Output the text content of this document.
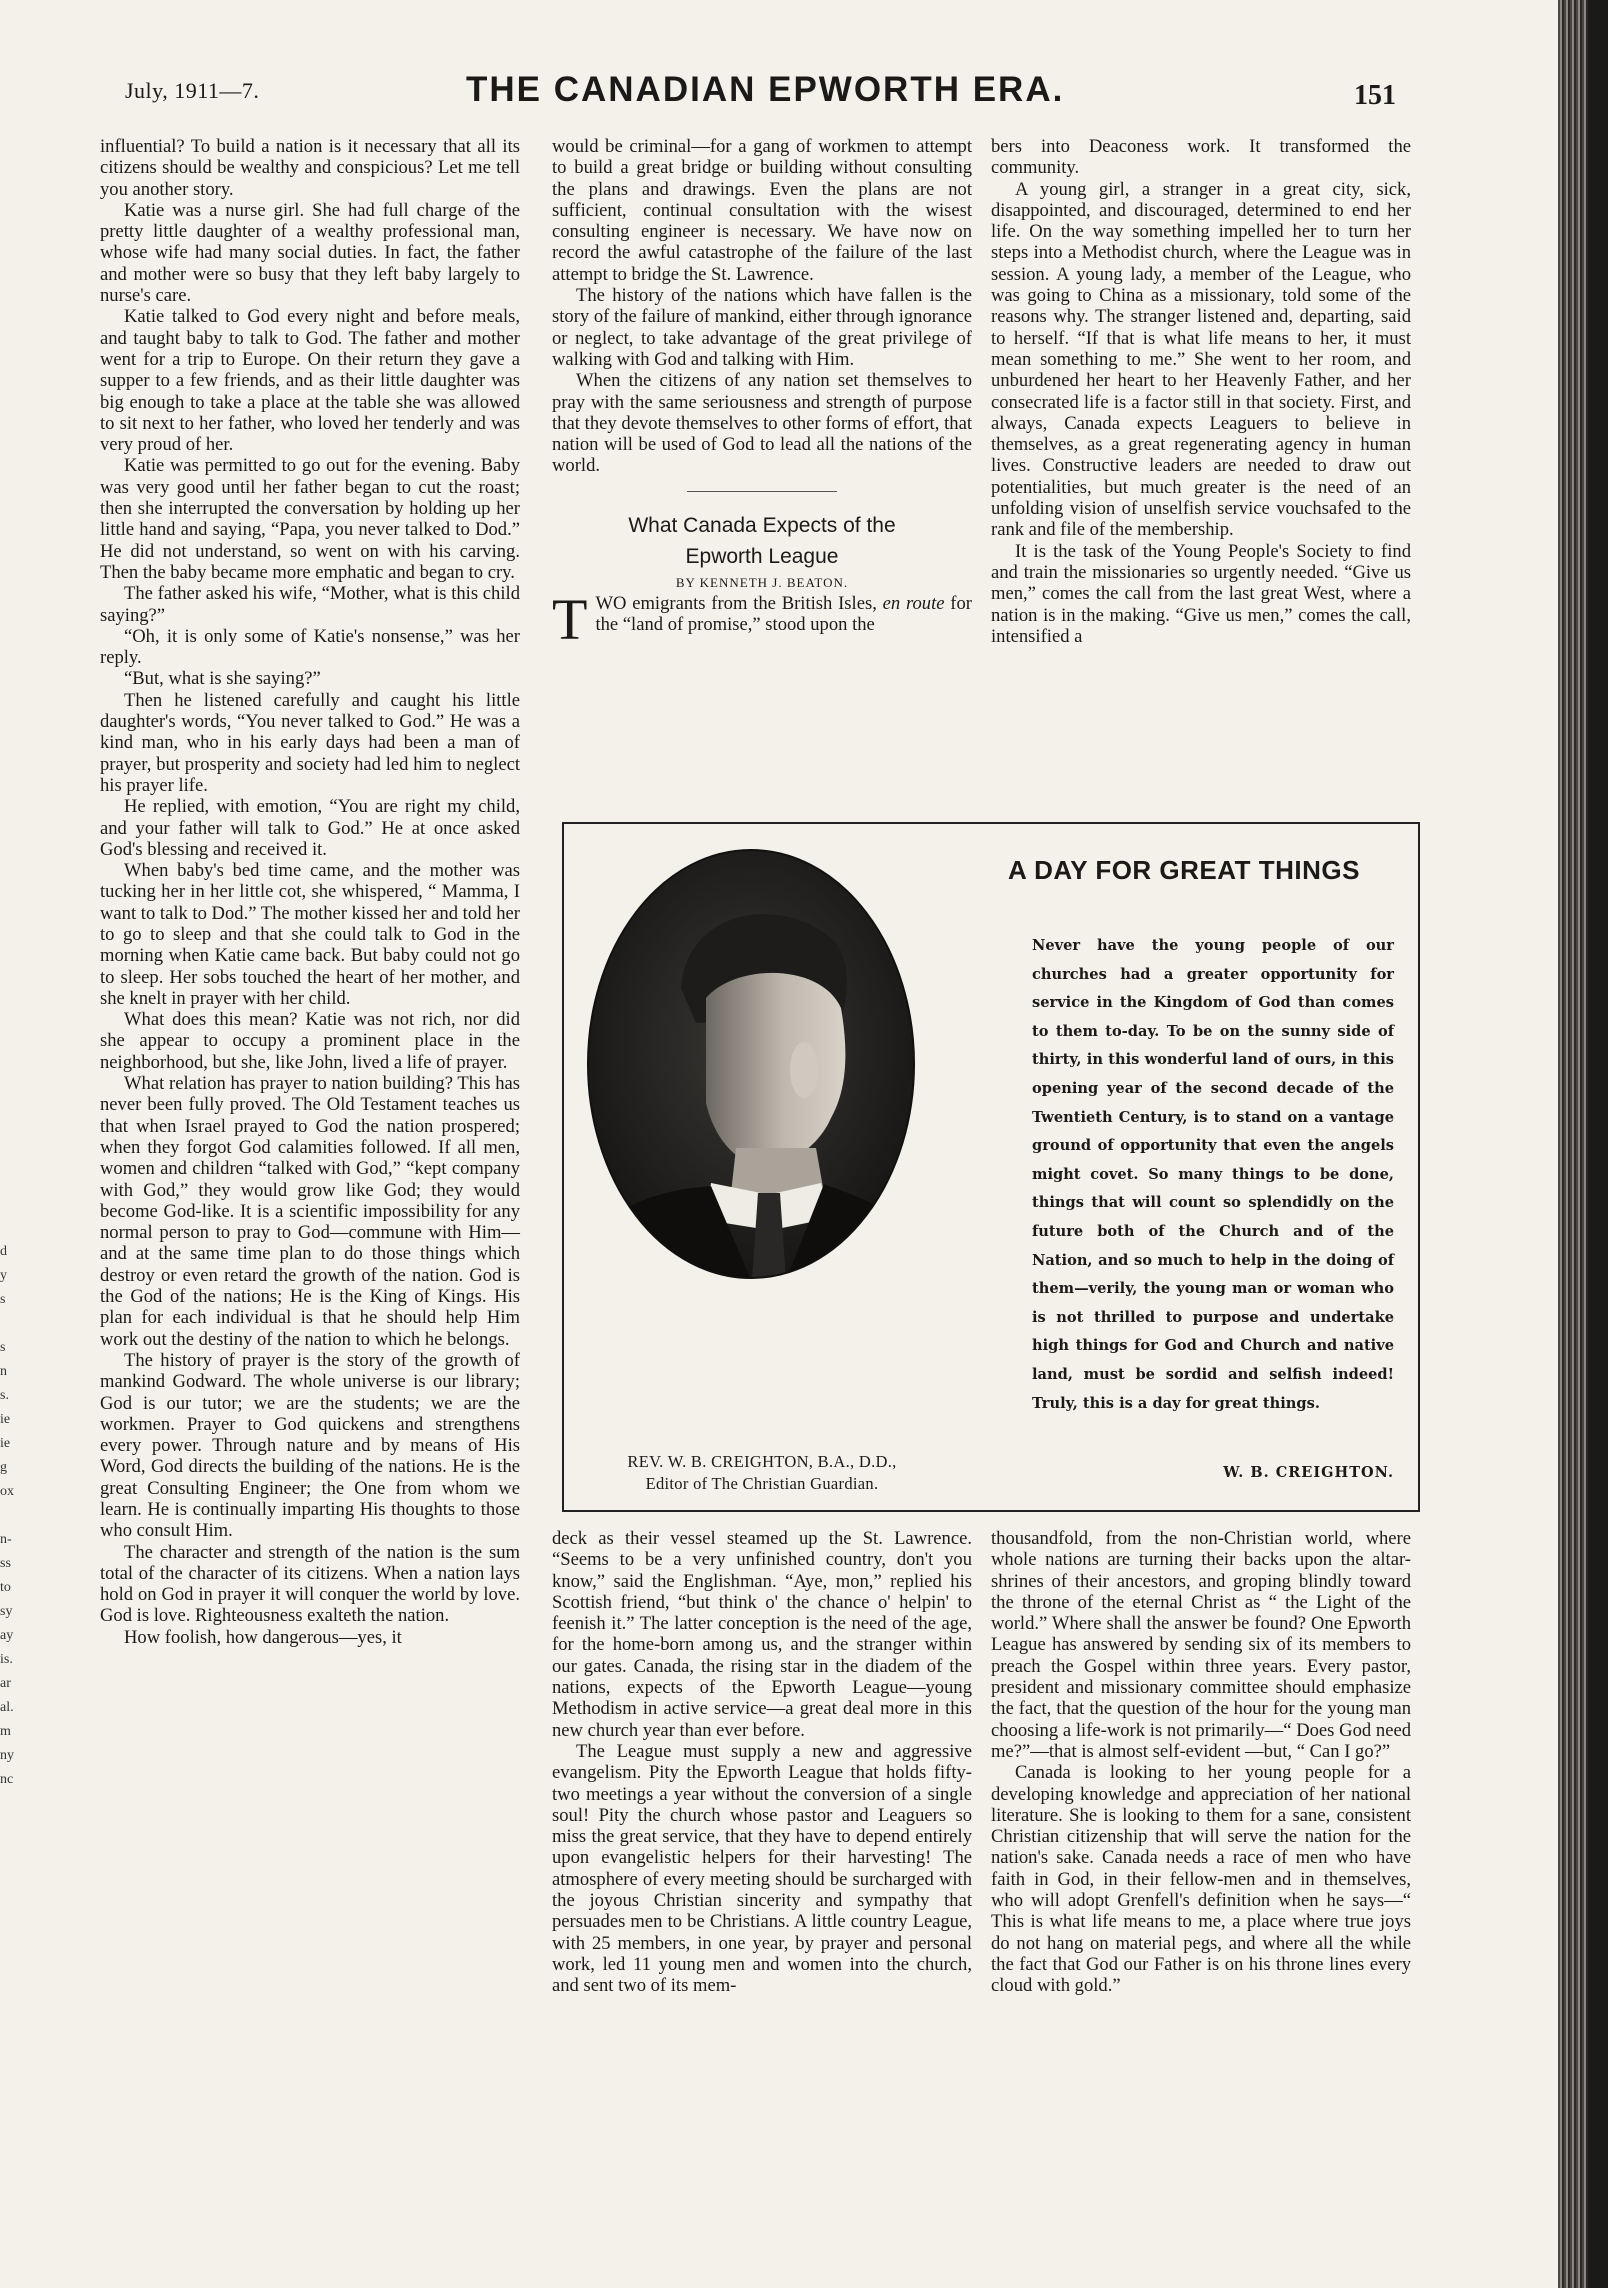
July, 1911—7.	THE CANADIAN EPWORTH ERA.	151

influential? To build a nation is it necessary that all its citizens should be wealthy and conspicious? Let me tell you another story.

Katie was a nurse girl. She had full charge of the pretty little daughter of a wealthy professional man, whose wife had many social duties. In fact, the father and mother were so busy that they left baby largely to nurse's care.

Katie talked to God every night and before meals, and taught baby to talk to God. The father and mother went for a trip to Europe. On their return they gave a supper to a few friends, and as their little daughter was big enough to take a place at the table she was allowed to sit next to her father, who loved her tenderly and was very proud of her.

Katie was permitted to go out for the evening. Baby was very good until her father began to cut the roast; then she interrupted the conversation by holding up her little hand and saying, “Papa, you never talked to Dod.” He did not understand, so went on with his carving. Then the baby became more emphatic and began to cry.

The father asked his wife, “Mother, what is this child saying?”

“Oh, it is only some of Katie's nonsense,” was her reply.

“But, what is she saying?”

Then he listened carefully and caught his little daughter's words, “You never talked to God.” He was a kind man, who in his early days had been a man of prayer, but prosperity and society had led him to neglect his prayer life.

He replied, with emotion, “You are right my child, and your father will talk to God.” He at once asked God's blessing and received it.

When baby's bed time came, and the mother was tucking her in her little cot, she whispered, “ Mamma, I want to talk to Dod.” The mother kissed her and told her to go to sleep and that she could talk to God in the morning when Katie came back. But baby could not go to sleep. Her sobs touched the heart of her mother, and she knelt in prayer with her child.

What does this mean? Katie was not rich, nor did she appear to occupy a prominent place in the neighborhood, but she, like John, lived a life of prayer.

What relation has prayer to nation building? This has never been fully proved. The Old Testament teaches us that when Israel prayed to God the nation prospered; when they forgot God calamities followed. If all men, women and children “talked with God,” “kept company with God,” they would grow like God; they would become God-like. It is a scientific impossibility for any normal person to pray to God—commune with Him—and at the same time plan to do those things which destroy or even retard the growth of the nation. God is the God of the nations; He is the King of Kings. His plan for each individual is that he should help Him work out the destiny of the nation to which he belongs.

The history of prayer is the story of the growth of mankind Godward. The whole universe is our library; God is our tutor; we are the students; we are the workmen. Prayer to God quickens and strengthens every power. Through nature and by means of His Word, God directs the building of the nations. He is the great Consulting Engineer; the One from whom we learn. He is continually imparting His thoughts to those who consult Him.

The character and strength of the nation is the sum total of the character of its citizens. When a nation lays hold on God in prayer it will conquer the world by love. God is love. Righteousness exalteth the nation.

How foolish, how dangerous—yes, it

would be criminal—for a gang of workmen to attempt to build a great bridge or building without consulting the plans and drawings. Even the plans are not sufficient, continual consultation with the wisest consulting engineer is necessary. We have now on record the awful catastrophe of the failure of the last attempt to bridge the St. Lawrence.

The history of the nations which have fallen is the story of the failure of mankind, either through ignorance or neglect, to take advantage of the great privilege of walking with God and talking with Him.

When the citizens of any nation set themselves to pray with the same seriousness and strength of purpose that they devote themselves to other forms of effort, that nation will be used of God to lead all the nations of the world.

What Canada Expects of the
Epworth League

BY KENNETH J. BEATON.

TWO emigrants from the British Isles, en route for the “land of promise,” stood upon the

bers into Deaconess work. It transformed the community.

A young girl, a stranger in a great city, sick, disappointed, and discouraged, determined to end her life. On the way something impelled her to turn her steps into a Methodist church, where the League was in session. A young lady, a member of the League, who was going to China as a missionary, told some of the reasons why. The stranger listened and, departing, said to herself. “If that is what life means to her, it must mean something to me.” She went to her room, and unburdened her heart to her Heavenly Father, and her consecrated life is a factor still in that society. First, and always, Canada expects Leaguers to believe in themselves, as a great regenerating agency in human lives. Constructive leaders are needed to draw out potentialities, but much greater is the need of an unfolding vision of unselfish service vouchsafed to the rank and file of the membership.

It is the task of the Young People's Society to find and train the missionaries so urgently needed. “Give us men,” comes the call from the last great West, where a nation is in the making. “Give us men,” comes the call, intensified a

REV. W. B. CREIGHTON, B.A., D.D.,
Editor of The Christian Guardian.
A DAY FOR GREAT THINGS
Never have the young people of our churches had a greater opportunity for service in the Kingdom of God than comes to them to-day. To be on the sunny side of thirty, in this wonderful land of ours, in this opening year of the second decade of the Twentieth Century, is to stand on a vantage ground of opportunity that even the angels might covet. So many things to be done, things that will count so splendidly on the future both of the Church and of the Nation, and so much to help in the doing of them—verily, the young man or woman who is not thrilled to purpose and undertake high things for God and Church and native land, must be sordid and selfish indeed! Truly, this is a day for great things.
W. B. CREIGHTON.

deck as their vessel steamed up the St. Lawrence. “Seems to be a very unfinished country, don't you know,” said the Englishman. “Aye, mon,” replied his Scottish friend, “but think o' the chance o' helpin' to feenish it.” The latter conception is the need of the age, for the home-born among us, and the stranger within our gates. Canada, the rising star in the diadem of the nations, expects of the Epworth League—young Methodism in active service—a great deal more in this new church year than ever before.

The League must supply a new and aggressive evangelism. Pity the Epworth League that holds fifty-two meetings a year without the conversion of a single soul! Pity the church whose pastor and Leaguers so miss the great service, that they have to depend entirely upon evangelistic helpers for their harvesting! The atmosphere of every meeting should be surcharged with the joyous Christian sincerity and sympathy that persuades men to be Christians. A little country League, with 25 members, in one year, by prayer and personal work, led 11 young men and women into the church, and sent two of its mem-

thousandfold, from the non-Christian world, where whole nations are turning their backs upon the altar-shrines of their ancestors, and groping blindly toward the throne of the eternal Christ as “ the Light of the world.” Where shall the answer be found? One Epworth League has answered by sending six of its members to preach the Gospel within three years. Every pastor, president and missionary committee should emphasize the fact, that the question of the hour for the young man choosing a life-work is not primarily—“ Does God need me?”—that is almost self-evident —but, “ Can I go?”

Canada is looking to her young people for a developing knowledge and appreciation of her national literature. She is looking to them for a sane, consistent Christian citizenship that will serve the nation for the nation's sake. Canada needs a race of men who have faith in God, in their fellow-men and in themselves, who will adopt Grenfell's definition when he says—“ This is what life means to me, a place where true joys do not hang on material pegs, and where all the while the fact that God our Father is on his throne lines every cloud with gold.”

d
y
s

s
n
s.
ie
ie
g
ox

n-
ss
to
sy
ay
is.
ar
al.
m
ny
nc
